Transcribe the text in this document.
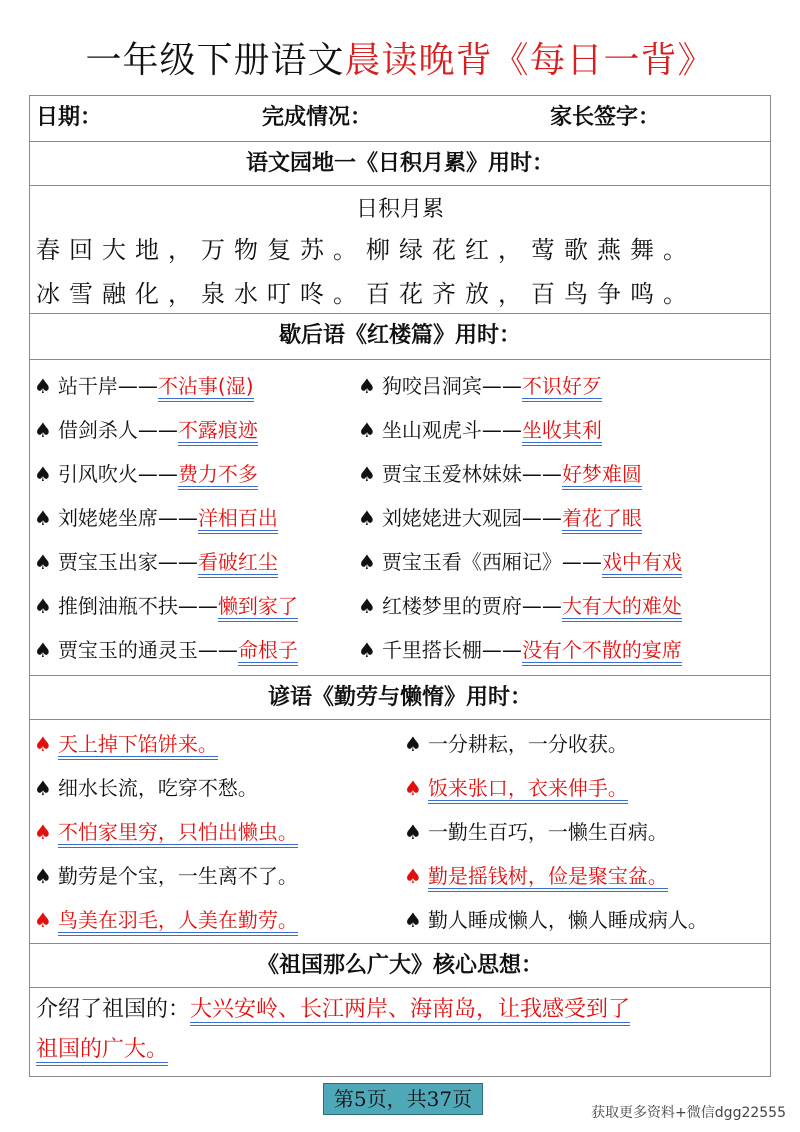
一年级下册语文晨读晚背《每日一背》
日期：	完成情况：	家长签字：
语文园地一《日积月累》用时：
日积月累
春回大地，万物复苏。柳绿花红，莺歌燕舞。
冰雪融化，泉水叮咚。百花齐放，百鸟争鸣。
歇后语《红楼篇》用时：
♠ 站干岸——不沾事(湿)
♠ 借剑杀人——不露痕迹
♠ 引风吹火——费力不多
♠ 刘姥姥坐席——洋相百出
♠ 贾宝玉出家——看破红尘
♠ 推倒油瓶不扶——懒到家了
♠ 贾宝玉的通灵玉——命根子
♠ 狗咬吕洞宾——不识好歹
♠ 坐山观虎斗——坐收其利
♠ 贾宝玉爱林妹妹——好梦难圆
♠ 刘姥姥进大观园——着花了眼
♠ 贾宝玉看《西厢记》——戏中有戏
♠ 红楼梦里的贾府——大有大的难处
♠ 千里搭长棚——没有个不散的宴席
谚语《勤劳与懒惰》用时：
♠ 天上掉下馅饼来。
♠ 细水长流，吃穿不愁。
♠ 不怕家里穷，只怕出懒虫。
♠ 勤劳是个宝，一生离不了。
♠ 鸟美在羽毛，人美在勤劳。
♠ 一分耕耘，一分收获。
♠ 饭来张口，衣来伸手。
♠ 一勤生百巧，一懒生百病。
♠ 勤是摇钱树，俭是聚宝盆。
♠ 勤人睡成懒人，懒人睡成病人。
《祖国那么广大》核心思想：
介绍了祖国的：大兴安岭、长江两岸、海南岛，让我感受到了
祖国的广大。
第5页，共37页
获取更多资料+微信dgg22555
